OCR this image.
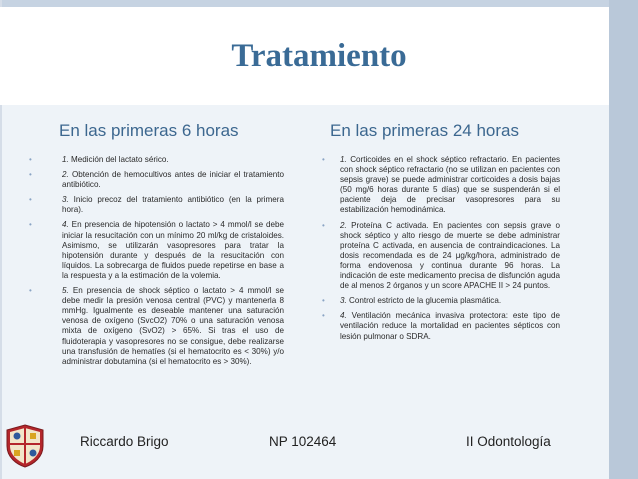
Tratamiento
En las primeras 6 horas	En las primeras 24 horas
•	1. Medición del lactato sérico.
•	2. Obtención de hemocultivos antes de iniciar el tratamiento antibiótico.
•	3. Inicio precoz del tratamiento antibiótico (en la primera hora).
•	4. En presencia de hipotensión o lactato > 4 mmol/l se debe iniciar la resucitación con un mínimo 20 ml/kg de cristaloides. Asimismo, se utilizarán vasopresores para tratar la hipotensión durante y después de la resucitación con líquidos. La sobrecarga de fluidos puede repetirse en base a la respuesta y a la estimación de la volemia.
•	5. En presencia de shock séptico o lactato > 4 mmol/l se debe medir la presión venosa central (PVC) y mantenerla 8 mmHg. Igualmente es deseable mantener una saturación venosa de oxígeno (SvcO2) 70% o una saturación venosa mixta de oxígeno (SvO2) > 65%. Si tras el uso de fluidoterapia y vasopresores no se consigue, debe realizarse una transfusión de hematíes (si el hematocrito es < 30%) y/o administrar dobutamina (si el hematocrito es > 30%).
• 1. Corticoides en el shock séptico refractario. En pacientes con shock séptico refractario (no se utilizan en pacientes con sepsis grave) se puede administrar corticoides a dosis bajas (50 mg/6 horas durante 5 días) que se suspenderán si el paciente deja de precisar vasopresores para su estabilización hemodinámica.
• 2. Proteína C activada. En pacientes con sepsis grave o shock séptico y alto riesgo de muerte se debe administrar proteína C activada, en ausencia de contraindicaciones. La dosis recomendada es de 24 μg/kg/hora, administrado de forma endovenosa y continua durante 96 horas. La indicación de este medicamento precisa de disfunción aguda de al menos 2 órganos y un score APACHE II > 24 puntos.
• 3. Control estricto de la glucemia plasmática.
• 4. Ventilación mecánica invasiva protectora: este tipo de ventilación reduce la mortalidad en pacientes sépticos con lesión pulmonar o SDRA.
Riccardo Brigo	NP 102464	II Odontología
